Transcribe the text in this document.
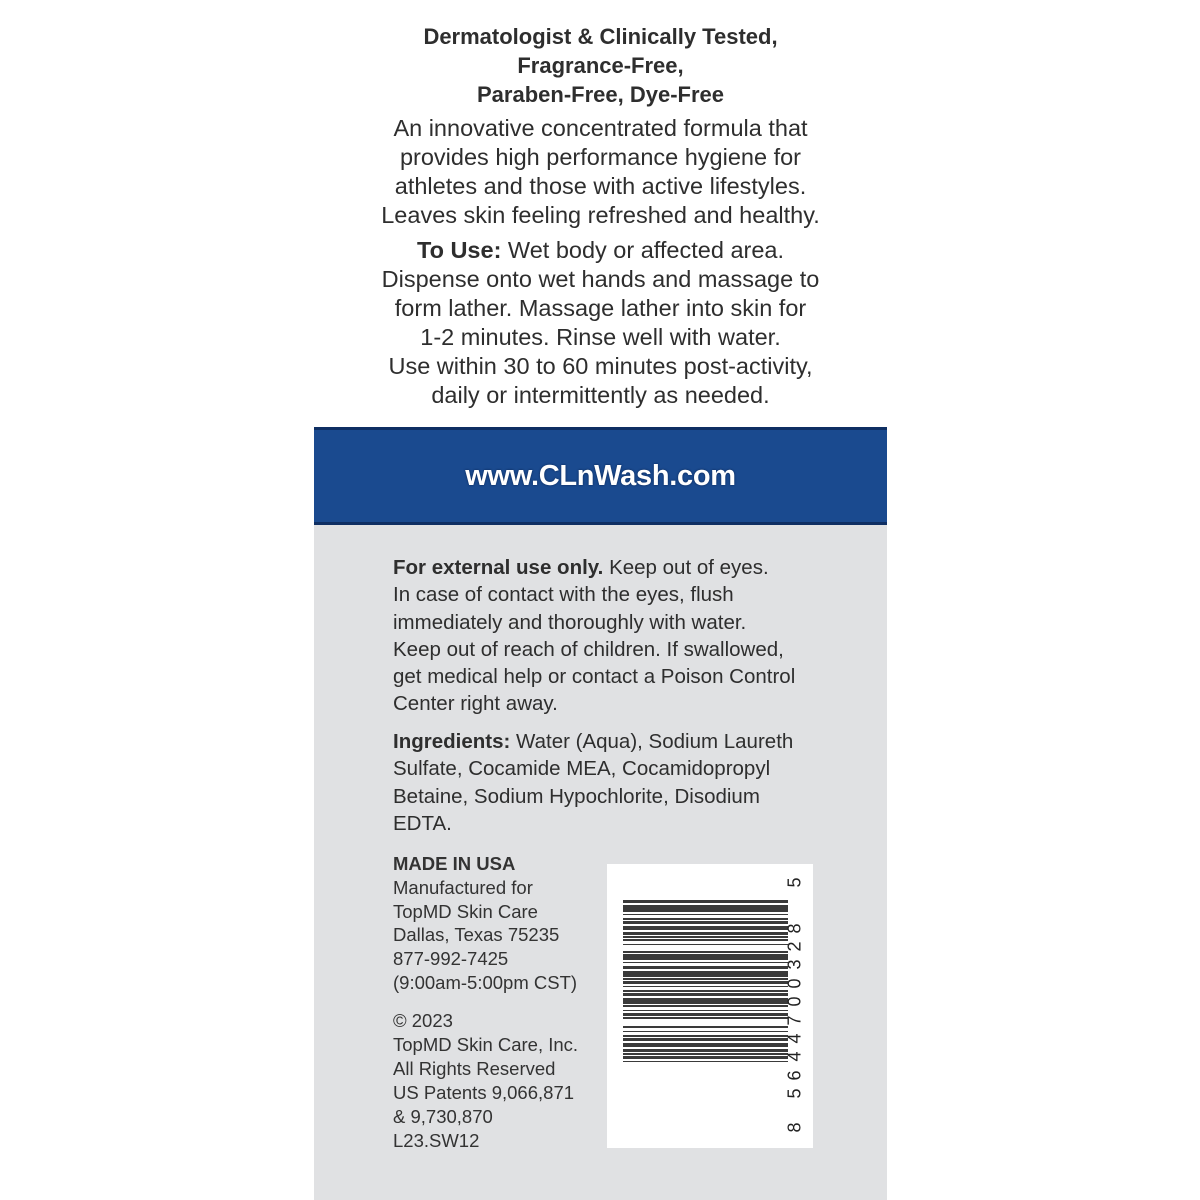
Dermatologist & Clinically Tested,
Fragrance-Free,
Paraben-Free, Dye-Free
An innovative concentrated formula that
provides high performance hygiene for
athletes and those with active lifestyles.
Leaves skin feeling refreshed and healthy.
To Use: Wet body or affected area.
Dispense onto wet hands and massage to
form lather. Massage lather into skin for
1-2 minutes. Rinse well with water.
Use within 30 to 60 minutes post-activity,
daily or intermittently as needed.
www.CLnWash.com
For external use only. Keep out of eyes.
In case of contact with the eyes, flush
immediately and thoroughly with water.
Keep out of reach of children. If swallowed,
get medical help or contact a Poison Control
Center right away.
Ingredients: Water (Aqua), Sodium Laureth
Sulfate, Cocamide MEA, Cocamidopropyl
Betaine, Sodium Hypochlorite, Disodium
EDTA.
MADE IN USA
Manufactured for
TopMD Skin Care
Dallas, Texas 75235
877-992-7425
(9:00am-5:00pm CST)
© 2023
TopMD Skin Care, Inc.
All Rights Reserved
US Patents 9,066,871
& 9,730,870
L23.SW12
5
8
2
3
0
0
7
4
4
6
5
8
